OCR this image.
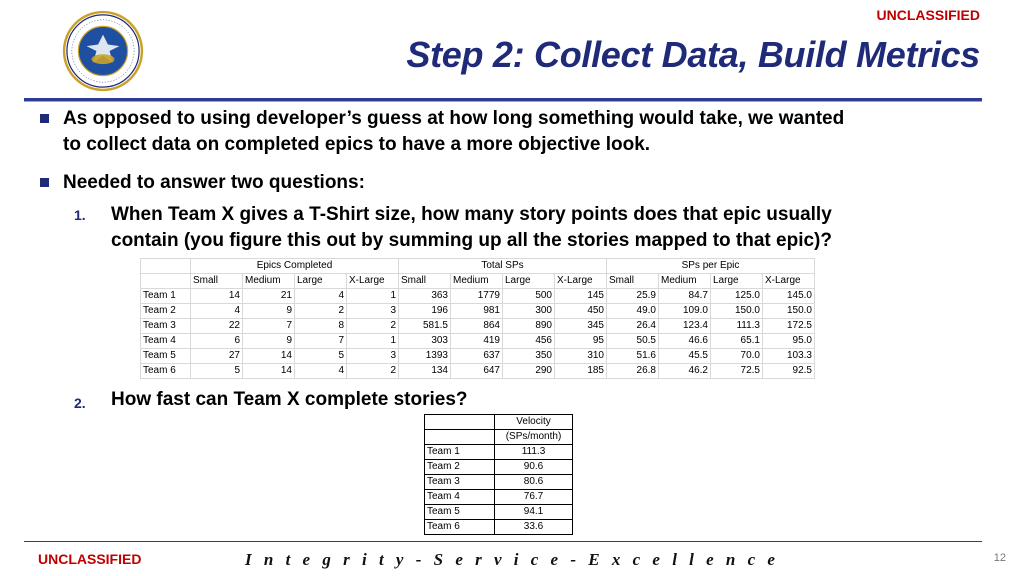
UNCLASSIFIED
Step 2: Collect Data, Build Metrics
As opposed to using developer’s guess at how long something would take, we wanted
to collect data on completed epics to have a more objective look.
Needed to answer two questions:
1. When Team X gives a T-Shirt size, how many story points does that epic usually
contain (you figure this out by summing up all the stories mapped to that epic)?
	Epics Completed				Total SPs				SPs per Epic			
	Small	Medium	Large	X-Large	Small	Medium	Large	X-Large	Small	Medium	Large	X-Large
Team 1	14	21	4	1	363	1779	500	145	25.9	84.7	125.0	145.0
Team 2	4	9	2	3	196	981	300	450	49.0	109.0	150.0	150.0
Team 3	22	7	8	2	581.5	864	890	345	26.4	123.4	111.3	172.5
Team 4	6	9	7	1	303	419	456	95	50.5	46.6	65.1	95.0
Team 5	27	14	5	3	1393	637	350	310	51.6	45.5	70.0	103.3
Team 6	5	14	4	2	134	647	290	185	26.8	46.2	72.5	92.5
2. How fast can Team X complete stories?
	Velocity
	(SPs/month)
Team 1	111.3
Team 2	90.6
Team 3	80.6
Team 4	76.7
Team 5	94.1
Team 6	33.6
UNCLASSIFIED	I n t e g r i t y - S e r v i c e - E x c e l l e n c e	12
